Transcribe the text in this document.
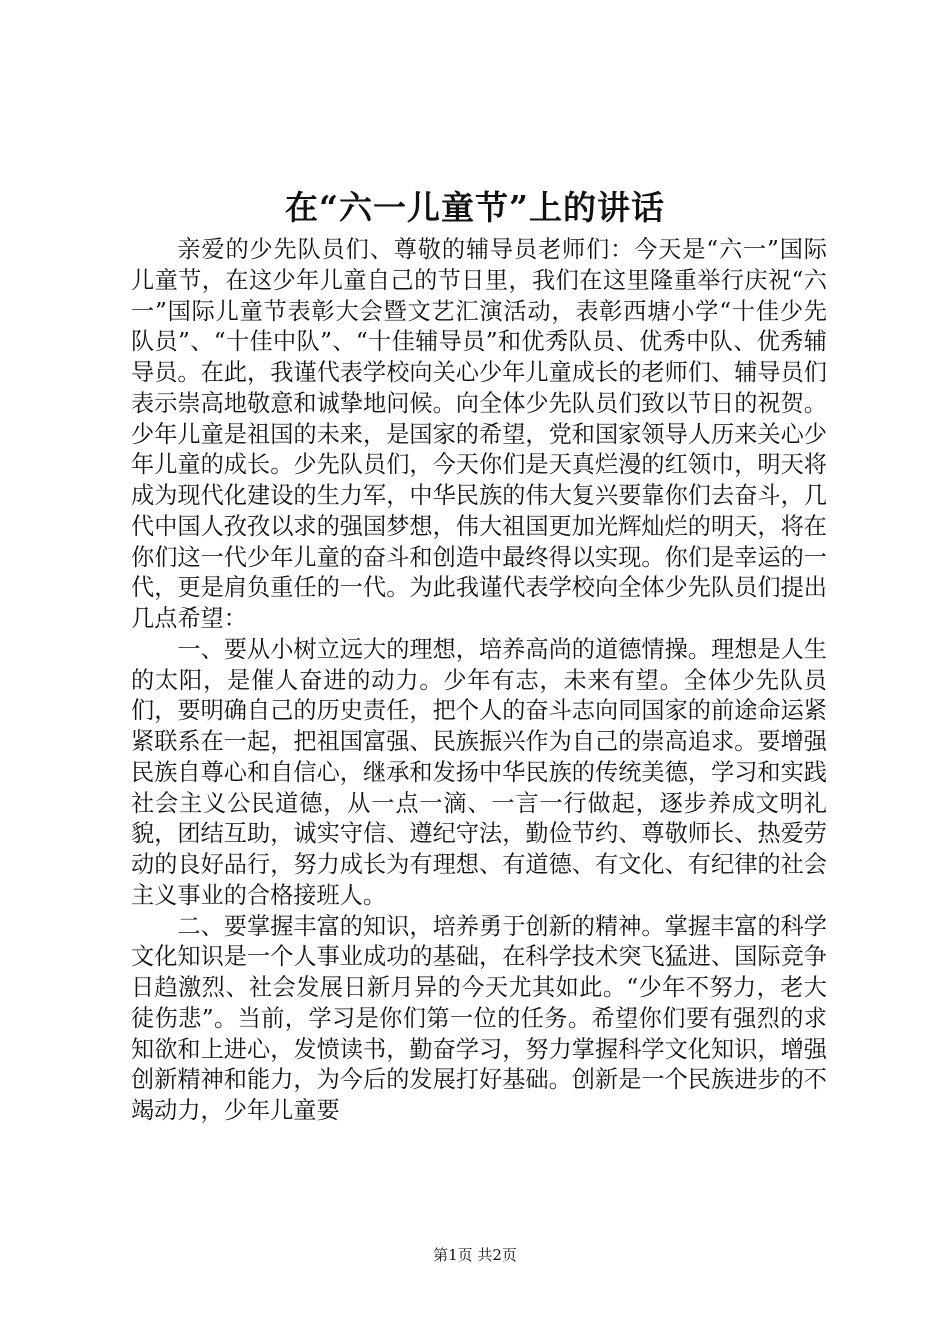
在“六一儿童节”上的讲话

亲爱的少先队员们、尊敬的辅导员老师们：今天是“六一”国际儿童节，在这少年儿童自己的节日里，我们在这里隆重举行庆祝“六一”国际儿童节表彰大会暨文艺汇演活动，表彰西塘小学“十佳少先队员”、“十佳中队”、“十佳辅导员”和优秀队员、优秀中队、优秀辅导员。在此，我谨代表学校向关心少年儿童成长的老师们、辅导员们表示崇高地敬意和诚挚地问候。向全体少先队员们致以节日的祝贺。少年儿童是祖国的未来，是国家的希望，党和国家领导人历来关心少年儿童的成长。少先队员们，今天你们是天真烂漫的红领巾，明天将成为现代化建设的生力军，中华民族的伟大复兴要靠你们去奋斗，几代中国人孜孜以求的强国梦想，伟大祖国更加光辉灿烂的明天，将在你们这一代少年儿童的奋斗和创造中最终得以实现。你们是幸运的一代，更是肩负重任的一代。为此我谨代表学校向全体少先队员们提出几点希望：

一、要从小树立远大的理想，培养高尚的道德情操。理想是人生的太阳，是催人奋进的动力。少年有志，未来有望。全体少先队员们，要明确自己的历史责任，把个人的奋斗志向同国家的前途命运紧紧联系在一起，把祖国富强、民族振兴作为自己的崇高追求。要增强民族自尊心和自信心，继承和发扬中华民族的传统美德，学习和实践社会主义公民道德，从一点一滴、一言一行做起，逐步养成文明礼貌，团结互助，诚实守信、遵纪守法，勤俭节约、尊敬师长、热爱劳动的良好品行，努力成长为有理想、有道德、有文化、有纪律的社会主义事业的合格接班人。

二、要掌握丰富的知识，培养勇于创新的精神。掌握丰富的科学文化知识是一个人事业成功的基础，在科学技术突飞猛进、国际竞争日趋激烈、社会发展日新月异的今天尤其如此。“少年不努力，老大徒伤悲”。当前，学习是你们第一位的任务。希望你们要有强烈的求知欲和上进心，发愤读书，勤奋学习，努力掌握科学文化知识，增强创新精神和能力，为今后的发展打好基础。创新是一个民族进步的不竭动力，少年儿童要

第1页 共2页
